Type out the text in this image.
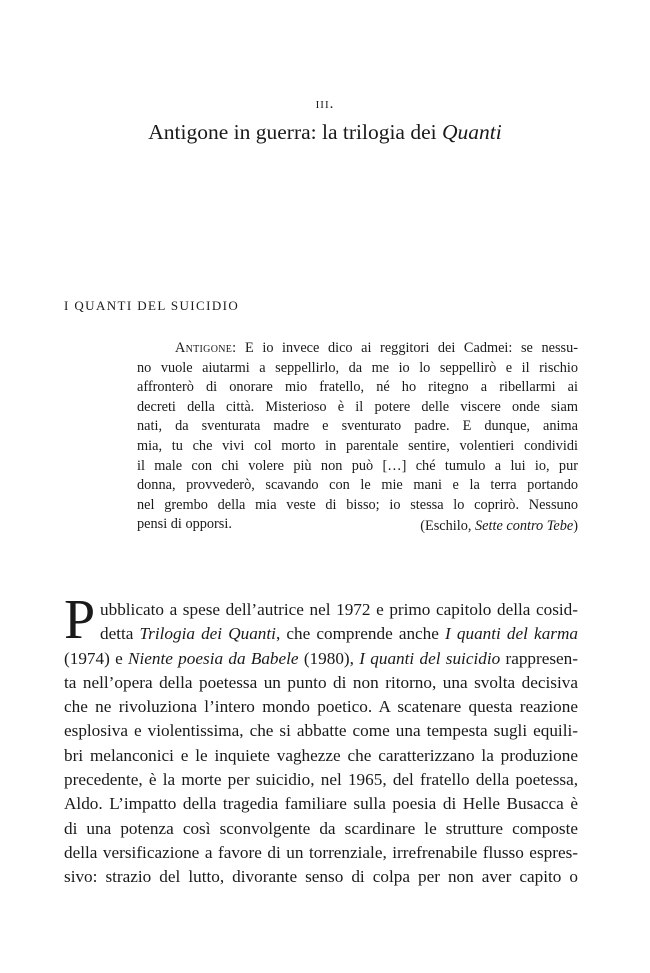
iii.
Antigone in guerra: la trilogia dei Quanti
I QUANTI DEL SUICIDIO
Antigone: E io invece dico ai reggitori dei Cadmei: se nessu-
no vuole aiutarmi a seppellirlo, da me io lo seppellirò e il rischio
affronterò di onorare mio fratello, né ho ritegno a ribellarmi ai
decreti della città. Misterioso è il potere delle viscere onde siam
nati, da sventurata madre e sventurato padre. E dunque, anima
mia, tu che vivi col morto in parentale sentire, volentieri condividi
il male con chi volere più non può […] ché tumulo a lui io, pur
donna, provvederò, scavando con le mie mani e la terra portando
nel grembo della mia veste di bisso; io stessa lo coprirò. Nessuno
pensi di opporsi.	(Eschilo, Sette contro Tebe)
P ubblicato a spese dell’autrice nel 1972 e primo capitolo della cosid-
detta Trilogia dei Quanti, che comprende anche I quanti del karma
(1974) e Niente poesia da Babele (1980), I quanti del suicidio rappresen-
ta nell’opera della poetessa un punto di non ritorno, una svolta decisiva
che ne rivoluziona l’intero mondo poetico. A scatenare questa reazione
esplosiva e violentissima, che si abbatte come una tempesta sugli equili-
bri melanconici e le inquiete vaghezze che caratterizzano la produzione
precedente, è la morte per suicidio, nel 1965, del fratello della poetessa,
Aldo. L’impatto della tragedia familiare sulla poesia di Helle Busacca è
di una potenza così sconvolgente da scardinare le strutture composte
della versificazione a favore di un torrenziale, irrefrenabile flusso espres-
sivo: strazio del lutto, divorante senso di colpa per non aver capito o
